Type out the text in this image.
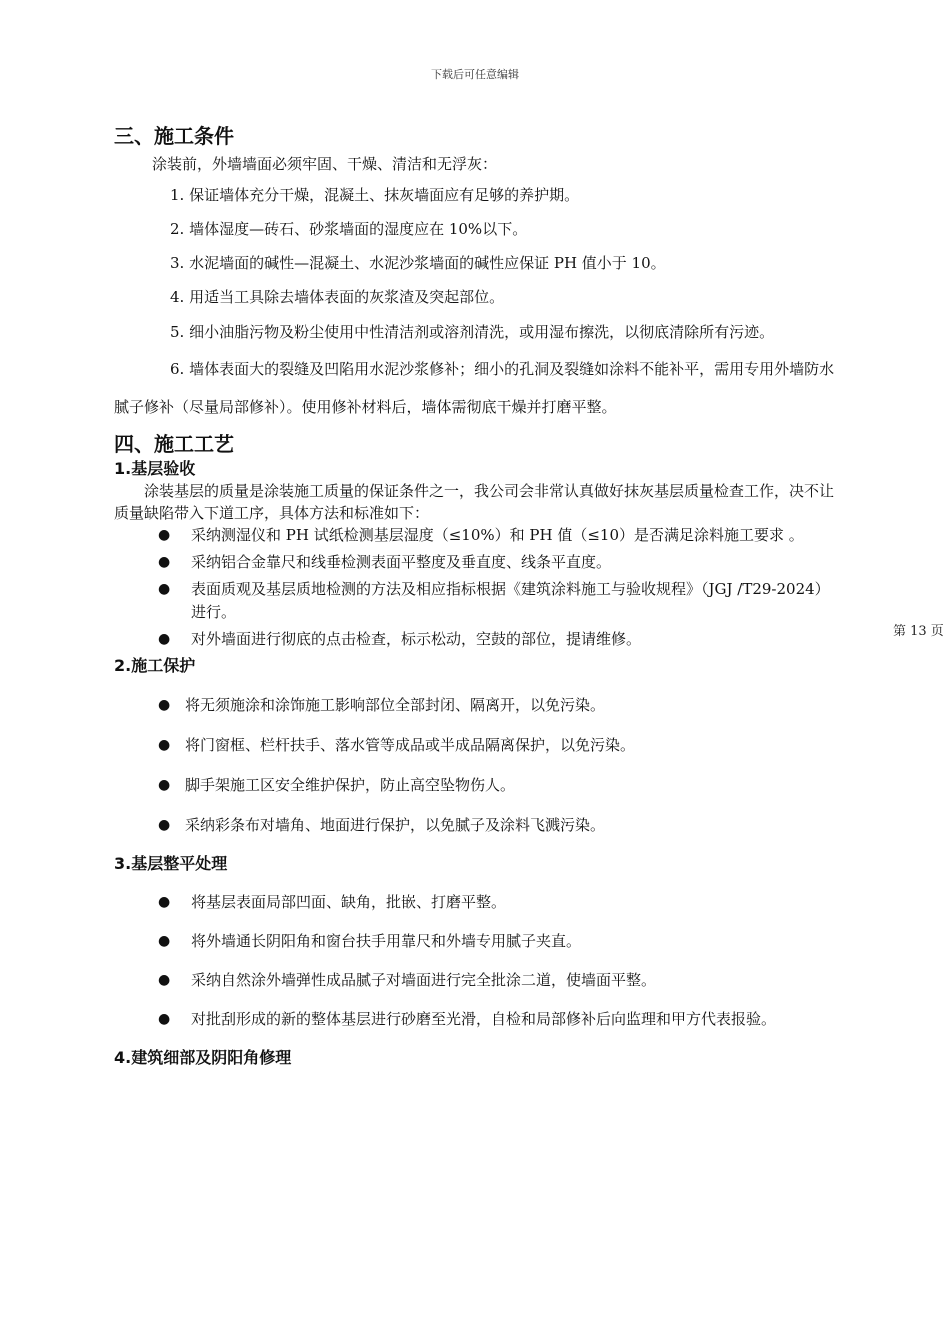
下载后可任意编辑
第 13 页
三、施工条件

涂装前，外墙墙面必须牢固、干燥、清洁和无浮灰：

1. 保证墙体充分干燥，混凝土、抹灰墙面应有足够的养护期。

2. 墙体湿度—砖石、砂浆墙面的湿度应在 10%以下。

3. 水泥墙面的碱性—混凝土、水泥沙浆墙面的碱性应保证 PH 值小于 10。

4. 用适当工具除去墙体表面的灰浆渣及突起部位。

5. 细小油脂污物及粉尘使用中性清洁剂或溶剂清洗，或用湿布擦洗，以彻底清除所有污迹。

6. 墙体表面大的裂缝及凹陷用水泥沙浆修补；细小的孔洞及裂缝如涂料不能补平，需用专用外墙防水腻子修补（尽量局部修补）。使用修补材料后，墙体需彻底干燥并打磨平整。

四、施工工艺
1.基层验收

涂装基层的质量是涂装施工质量的保证条件之一，我公司会非常认真做好抹灰基层质量检查工作，决不让质量缺陷带入下道工序，具体方法和标准如下：

● 采纳测湿仪和 PH 试纸检测基层湿度（≤10%）和 PH 值（≤10）是否满足涂料施工要求 。
● 采纳铝合金靠尺和线垂检测表面平整度及垂直度、线条平直度。
● 表面质观及基层质地检测的方法及相应指标根据《建筑涂料施工与验收规程》（JGJ /T29-2024）进行。
● 对外墙面进行彻底的点击检查，标示松动，空鼓的部位，提请维修。
2.施工保护
● 将无须施涂和涂饰施工影响部位全部封闭、隔离开，以免污染。
● 将门窗框、栏杆扶手、落水管等成品或半成品隔离保护，以免污染。
● 脚手架施工区安全维护保护，防止高空坠物伤人。
● 采纳彩条布对墙角、地面进行保护，以免腻子及涂料飞溅污染。
3.基层整平处理
● 将基层表面局部凹面、缺角，批嵌、打磨平整。
● 将外墙通长阴阳角和窗台扶手用靠尺和外墙专用腻子夹直。
● 采纳自然涂外墙弹性成品腻子对墙面进行完全批涂二道，使墙面平整。
● 对批刮形成的新的整体基层进行砂磨至光滑，自检和局部修补后向监理和甲方代表报验。
4.建筑细部及阴阳角修理
